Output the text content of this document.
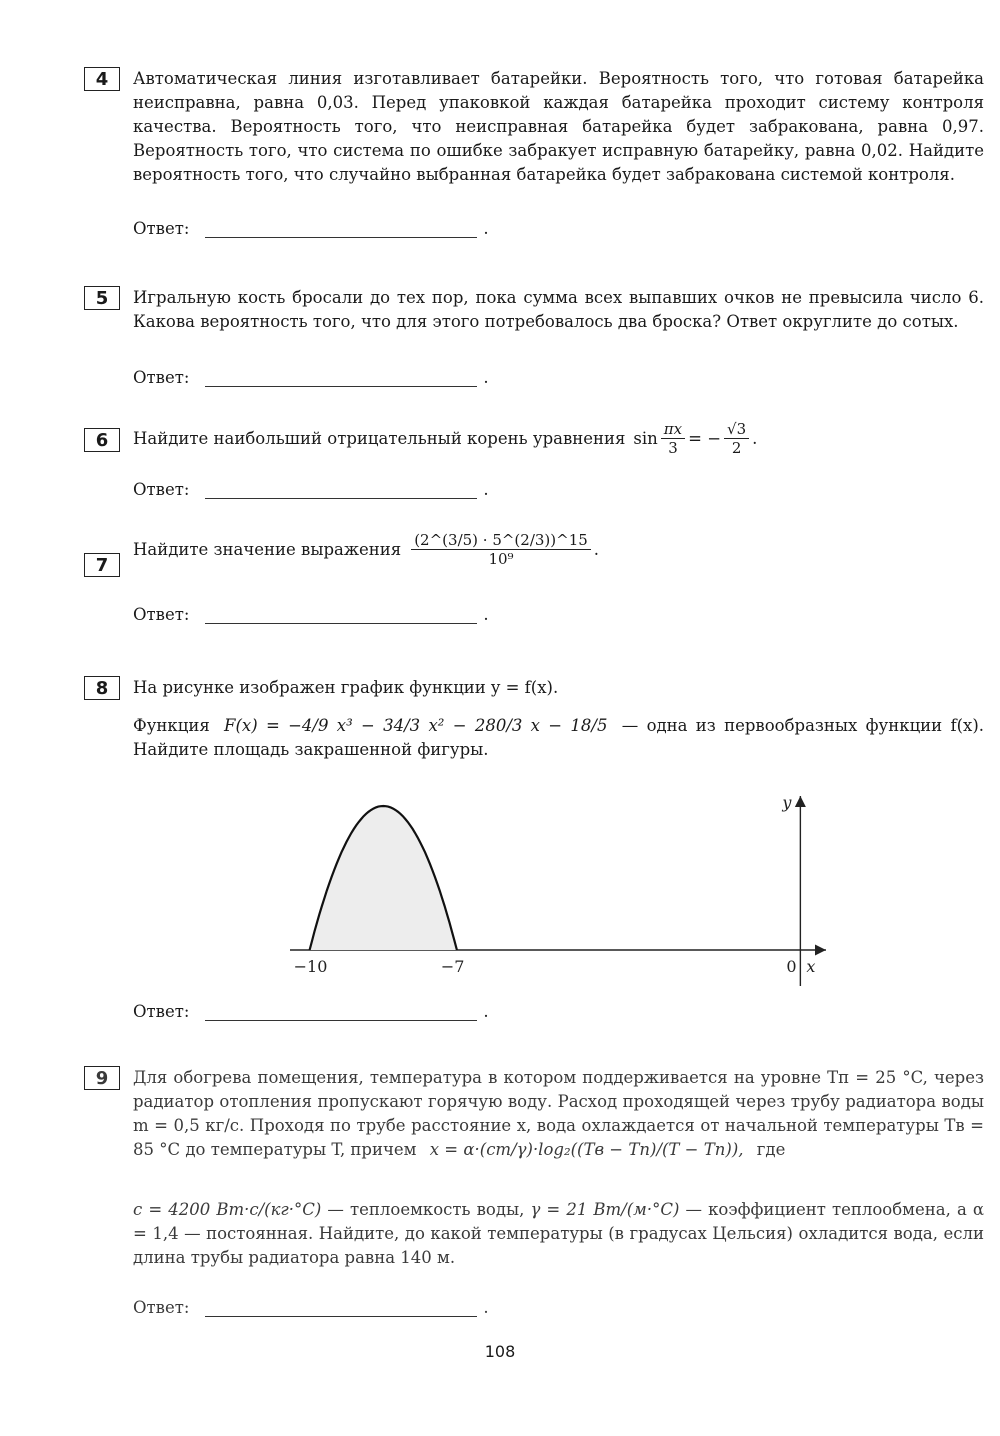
4	Автоматическая линия изготавливает батарейки. Вероятность того, что готовая батарейка неисправна, равна 0,03. Перед упаковкой каждая батарейка проходит систему контроля качества. Вероятность того, что неисправная батарейка будет забракована, равна 0,97. Вероятность того, что система по ошибке забракует исправную батарейку, равна 0,02. Найдите вероятность того, что случайно выбранная батарейка будет забракована системой контроля.
Ответ:	.
5	Игральную кость бросали до тех пор, пока сумма всех выпавших очков не превысила число 6. Какова вероятность того, что для этого потребовалось два броска? Ответ округлите до сотых.
Ответ:	.
6	Найдите наибольший отрицательный корень уравнения $\sin \frac{\pi x}{3}$ = − $\frac{√3}{2}$ .
Ответ:	.
7
Найдите значение выражения $\frac{(2\^{}(3/5) \cdot 5\^{}(2/3))\^{}15}{\text{10⁹}}$ .
Ответ:	.
8	На рисунке изображен график функции y = f(x).
Функция F(x) = −4/9 x³ − 34/3 x² − 280/3 x − 18/5 — одна из первообразных функции f(x). Найдите площадь закрашенной фигуры.
Ответ:	.
y
x
−10	−7	0
9	Для обогрева помещения, температура в котором поддерживается на уровне Tп = 25 °C, через радиатор отопления пропускают горячую воду. Расход проходящей через трубу радиатора воды m = 0,5 кг/с. Проходя по трубе расстояние x, вода охлаждается от начальной температуры Tв = 85 °C до температуры T, причем x = α·(cm/γ)·log₂((Tв − Tп)/(T − Tп)), где
c = 4200 Вт·с/(кг·°C) — теплоемкость воды, γ = 21 Вт/(м·°C) — коэффициент теплообмена, а α = 1,4 — постоянная. Найдите, до какой температуры (в градусах Цельсия) охладится вода, если длина трубы радиатора равна 140 м.
Ответ:	.
108
